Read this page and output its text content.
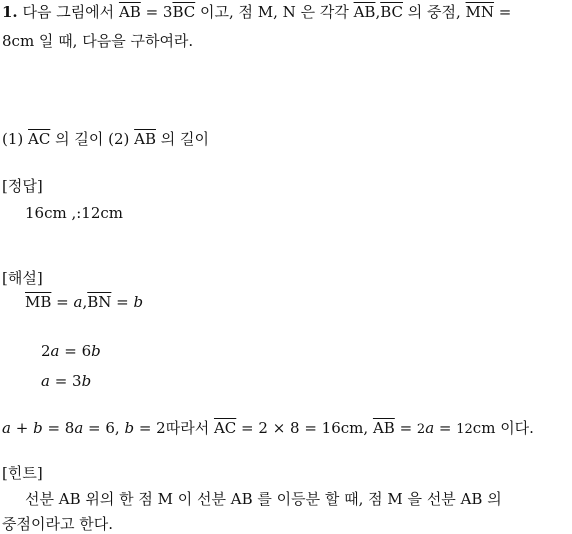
1. 다음 그림에서 $\overline{AB} = 3\overline{BC}$ 이고, 점 M, N 은 각각 $\overline{AB},\overline{BC}$ 의 중점, $\overline{MN}$ =
8cm 일 때, 다음을 구하여라.
(1) $\overline{AC}$ 의 길이 (2) $\overline{AB}$ 의 길이
[정답]
16cm ,:12cm
[해설]
$\overline{MB} = a,\overline{BN} = b$
2a = 6b
a = 3b
a + b = 8a = 6, b = 2따라서 $\overline{AC} = 2 \times 8 = 16cm$, $\overline{AB} = 2a = 12cm$ 이다.
[힌트]
선분 AB 위의 한 점 M 이 선분 AB 를 이등분 할 때, 점 M 을 선분 AB 의
중점이라고 한다.
